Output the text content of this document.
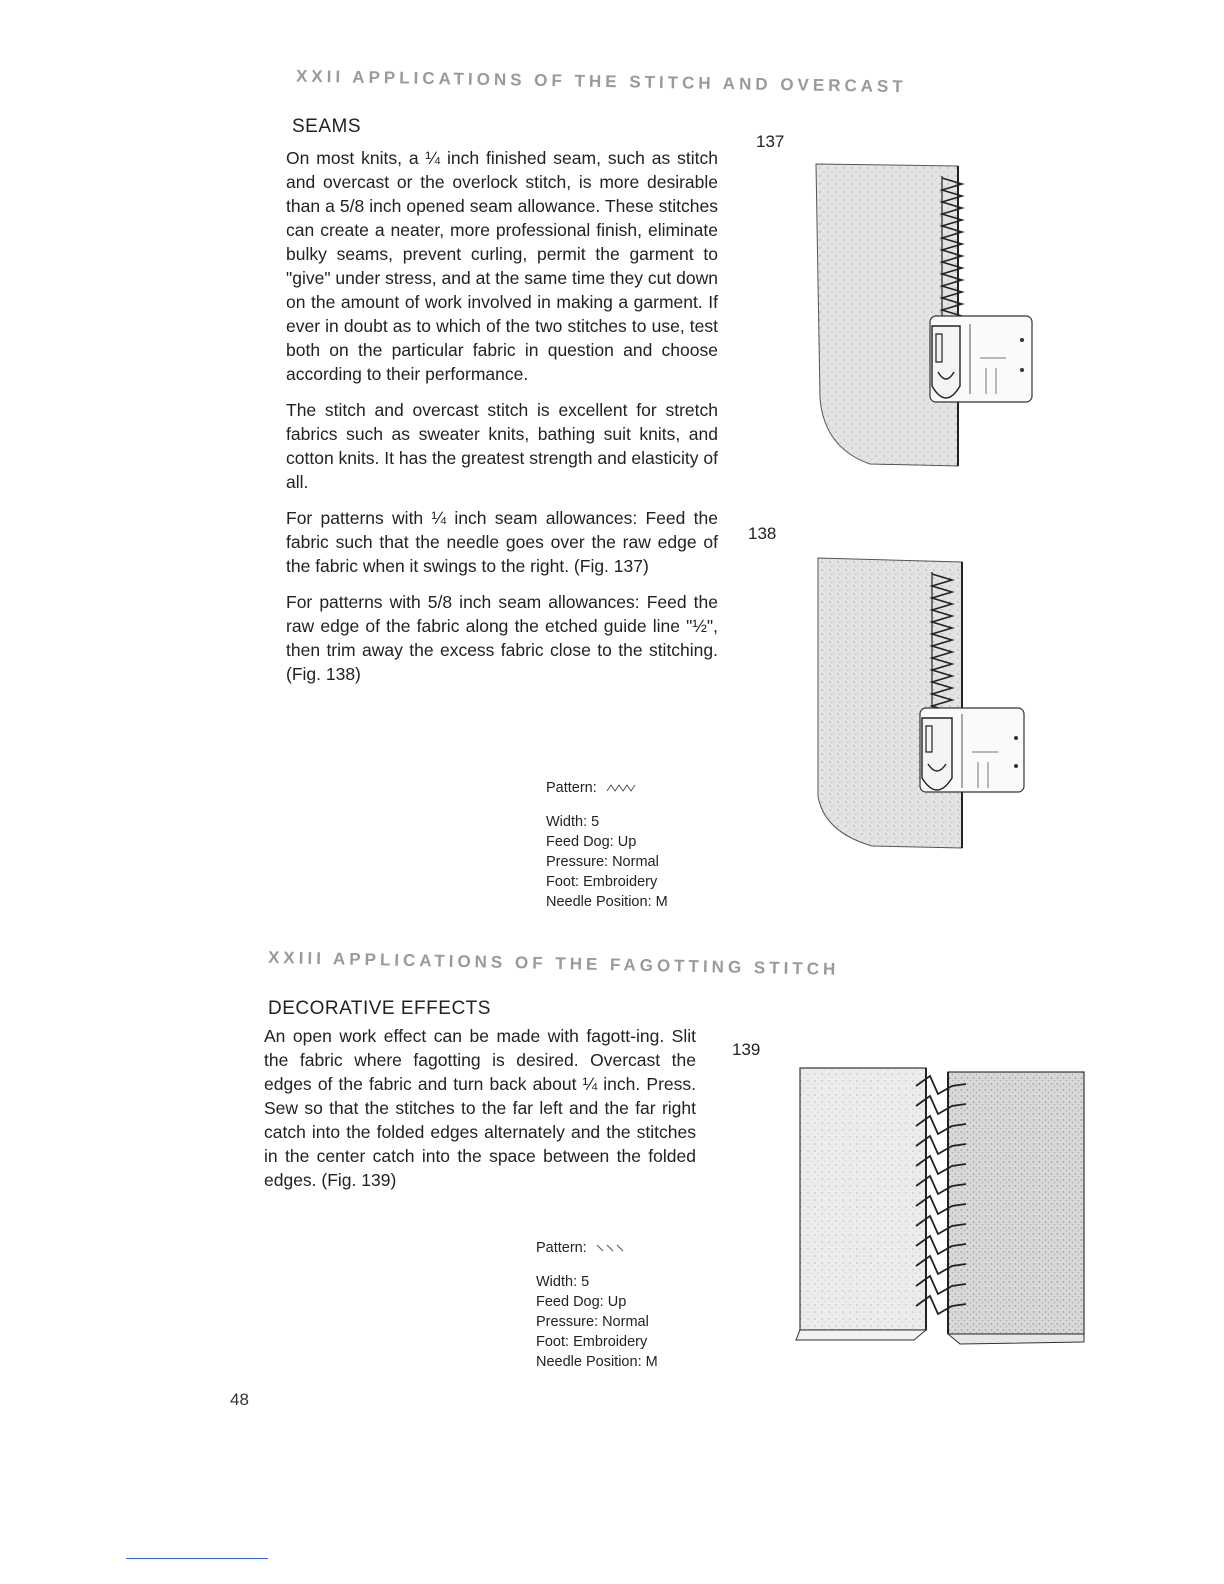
XXII APPLICATIONS OF THE STITCH AND OVERCAST
SEAMS

On most knits, a ¼ inch finished seam, such as stitch and overcast or the overlock stitch, is more desirable than a 5/8 inch opened seam allowance. These stitches can create a neater, more professional finish, eliminate bulky seams, prevent curling, permit the garment to "give" under stress, and at the same time they cut down on the amount of work involved in making a garment. If ever in doubt as to which of the two stitches to use, test both on the particular fabric in question and choose according to their performance.

The stitch and overcast stitch is excellent for stretch fabrics such as sweater knits, bathing suit knits, and cotton knits. It has the greatest strength and elasticity of all.

For patterns with ¼ inch seam allowances: Feed the fabric such that the needle goes over the raw edge of the fabric when it swings to the right. (Fig. 137)

For patterns with 5/8 inch seam allowances: Feed the raw edge of the fabric along the etched guide line "½", then trim away the excess fabric close to the stitching. (Fig. 138)

Pattern:
Width: 5
Feed Dog: Up
Pressure: Normal
Foot: Embroidery
Needle Position: M
137
138
XXIII APPLICATIONS OF THE FAGOTTING STITCH
DECORATIVE EFFECTS

An open work effect can be made with fagott-ing. Slit the fabric where fagotting is desired. Overcast the edges of the fabric and turn back about ¼ inch. Press. Sew so that the stitches to the far left and the far right catch into the folded edges alternately and the stitches in the center catch into the space between the folded edges. (Fig. 139)

Pattern:
Width: 5
Feed Dog: Up
Pressure: Normal
Foot: Embroidery
Needle Position: M
139
48
